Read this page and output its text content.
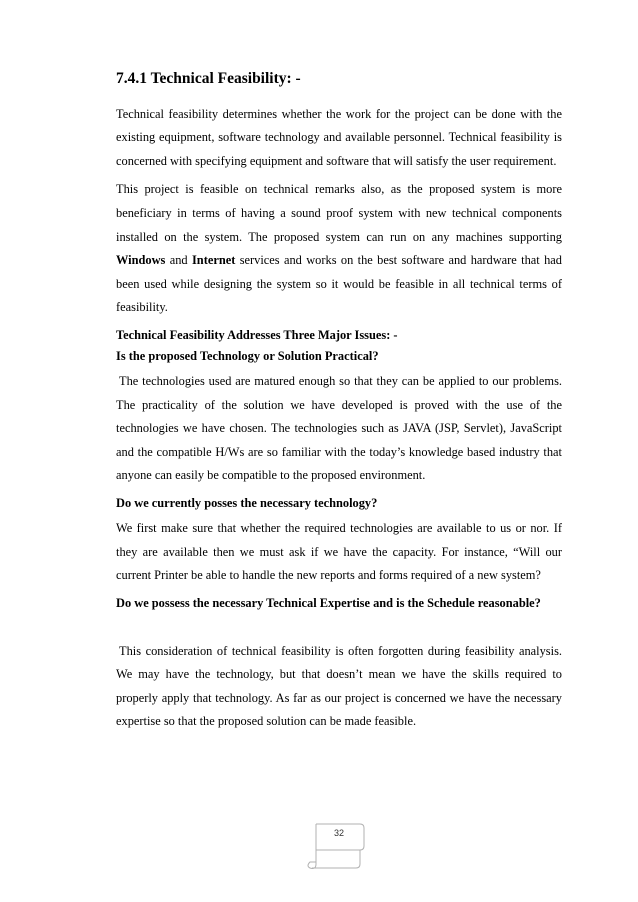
7.4.1 Technical Feasibility: -

Technical feasibility determines whether the work for the project can be done with the existing equipment, software technology and available personnel. Technical feasibility is concerned with specifying equipment and software that will satisfy the user requirement.

This project is feasible on technical remarks also, as the proposed system is more beneficiary in terms of having a sound proof system with new technical components installed on the system. The proposed system can run on any machines supporting Windows and Internet services and works on the best software and hardware that had been used while designing the system so it would be feasible in all technical terms of feasibility.

Technical Feasibility Addresses Three Major Issues: -
Is the proposed Technology or Solution Practical?

The technologies used are matured enough so that they can be applied to our problems. The practicality of the solution we have developed is proved with the use of the technologies we have chosen. The technologies such as JAVA (JSP, Servlet), JavaScript and the compatible H/Ws are so familiar with the today’s knowledge based industry that anyone can easily be compatible to the proposed environment.

Do we currently posses the necessary technology?

We first make sure that whether the required technologies are available to us or nor. If they are available then we must ask if we have the capacity. For instance, “Will our current Printer be able to handle the new reports and forms required of a new system?

Do we possess the necessary Technical Expertise and is the Schedule reasonable?

This consideration of technical feasibility is often forgotten during feasibility analysis. We may have the technology, but that doesn’t mean we have the skills required to properly apply that technology. As far as our project is concerned we have the necessary expertise so that the proposed solution can be made feasible.

32
